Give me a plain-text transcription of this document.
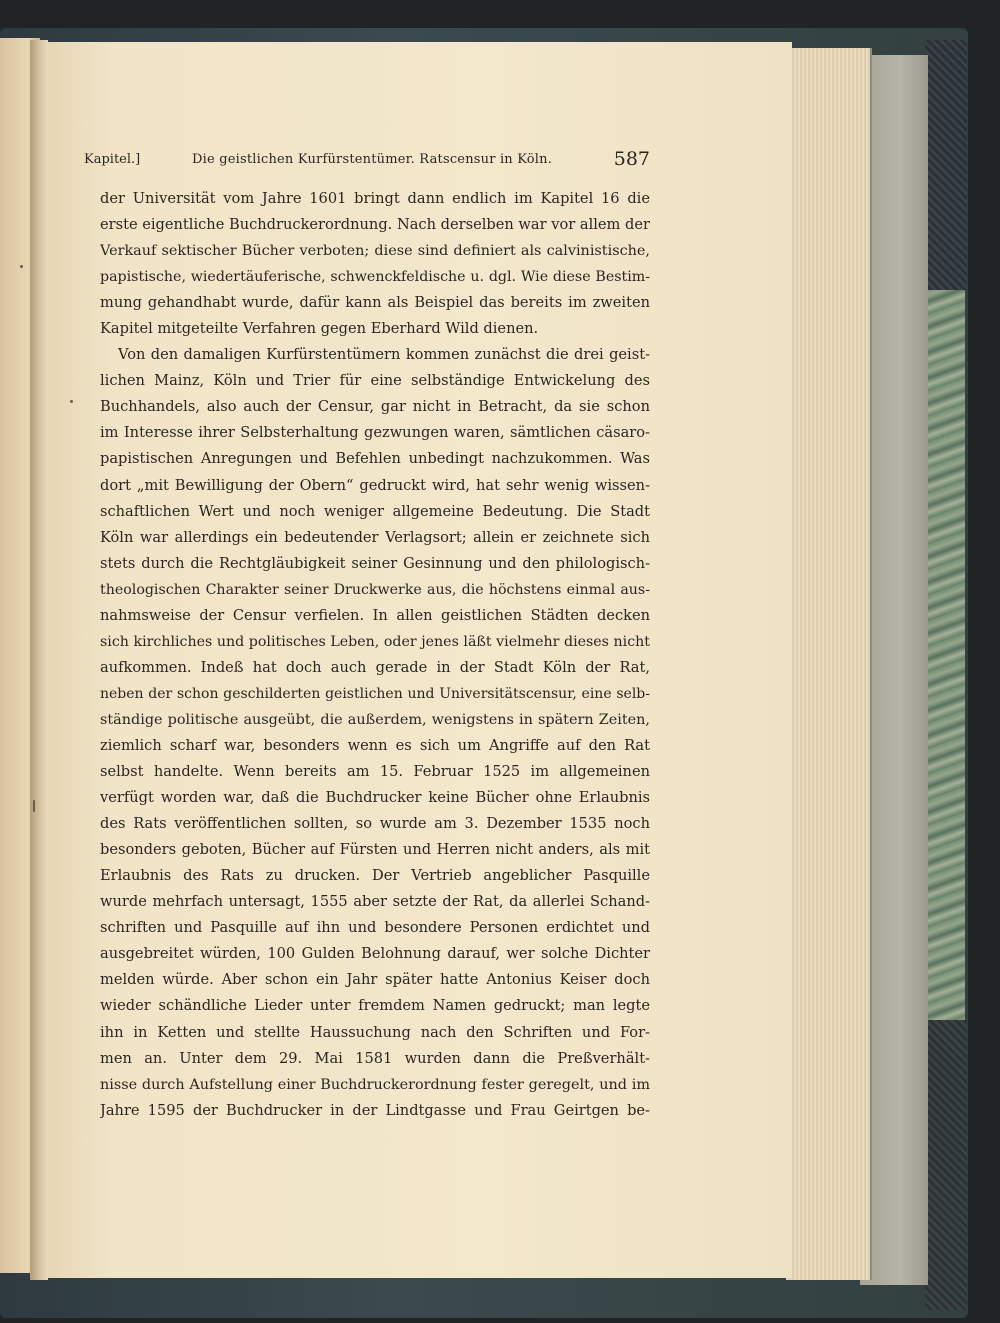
Kapitel.]	Die geistlichen Kurfürstentümer. Ratscensur in Köln.	587
der Universität vom Jahre 1601 bringt dann endlich im Kapitel 16 die
erste eigentliche Buchdruckerordnung. Nach derselben war vor allem der
Verkauf sektischer Bücher verboten; diese sind definiert als calvinistische,
papistische, wiedertäuferische, schwenckfeldische u. dgl. Wie diese Bestim-
mung gehandhabt wurde, dafür kann als Beispiel das bereits im zweiten
Kapitel mitgeteilte Verfahren gegen Eberhard Wild dienen.
Von den damaligen Kurfürstentümern kommen zunächst die drei geist-
lichen Mainz, Köln und Trier für eine selbständige Entwickelung des
Buchhandels, also auch der Censur, gar nicht in Betracht, da sie schon
im Interesse ihrer Selbsterhaltung gezwungen waren, sämtlichen cäsaro-
papistischen Anregungen und Befehlen unbedingt nachzukommen. Was
dort „mit Bewilligung der Obern“ gedruckt wird, hat sehr wenig wissen-
schaftlichen Wert und noch weniger allgemeine Bedeutung. Die Stadt
Köln war allerdings ein bedeutender Verlagsort; allein er zeichnete sich
stets durch die Rechtgläubigkeit seiner Gesinnung und den philologisch-
theologischen Charakter seiner Druckwerke aus, die höchstens einmal aus-
nahmsweise der Censur verfielen. In allen geistlichen Städten decken
sich kirchliches und politisches Leben, oder jenes läßt vielmehr dieses nicht
aufkommen. Indeß hat doch auch gerade in der Stadt Köln der Rat,
neben der schon geschilderten geistlichen und Universitätscensur, eine selb-
ständige politische ausgeübt, die außerdem, wenigstens in spätern Zeiten,
ziemlich scharf war, besonders wenn es sich um Angriffe auf den Rat
selbst handelte. Wenn bereits am 15. Februar 1525 im allgemeinen
verfügt worden war, daß die Buchdrucker keine Bücher ohne Erlaubnis
des Rats veröffentlichen sollten, so wurde am 3. Dezember 1535 noch
besonders geboten, Bücher auf Fürsten und Herren nicht anders, als mit
Erlaubnis des Rats zu drucken. Der Vertrieb angeblicher Pasquille
wurde mehrfach untersagt, 1555 aber setzte der Rat, da allerlei Schand-
schriften und Pasquille auf ihn und besondere Personen erdichtet und
ausgebreitet würden, 100 Gulden Belohnung darauf, wer solche Dichter
melden würde. Aber schon ein Jahr später hatte Antonius Keiser doch
wieder schändliche Lieder unter fremdem Namen gedruckt; man legte
ihn in Ketten und stellte Haussuchung nach den Schriften und For-
men an. Unter dem 29. Mai 1581 wurden dann die Preßverhält-
nisse durch Aufstellung einer Buchdruckerordnung fester geregelt, und im
Jahre 1595 der Buchdrucker in der Lindtgasse und Frau Geirtgen be-
